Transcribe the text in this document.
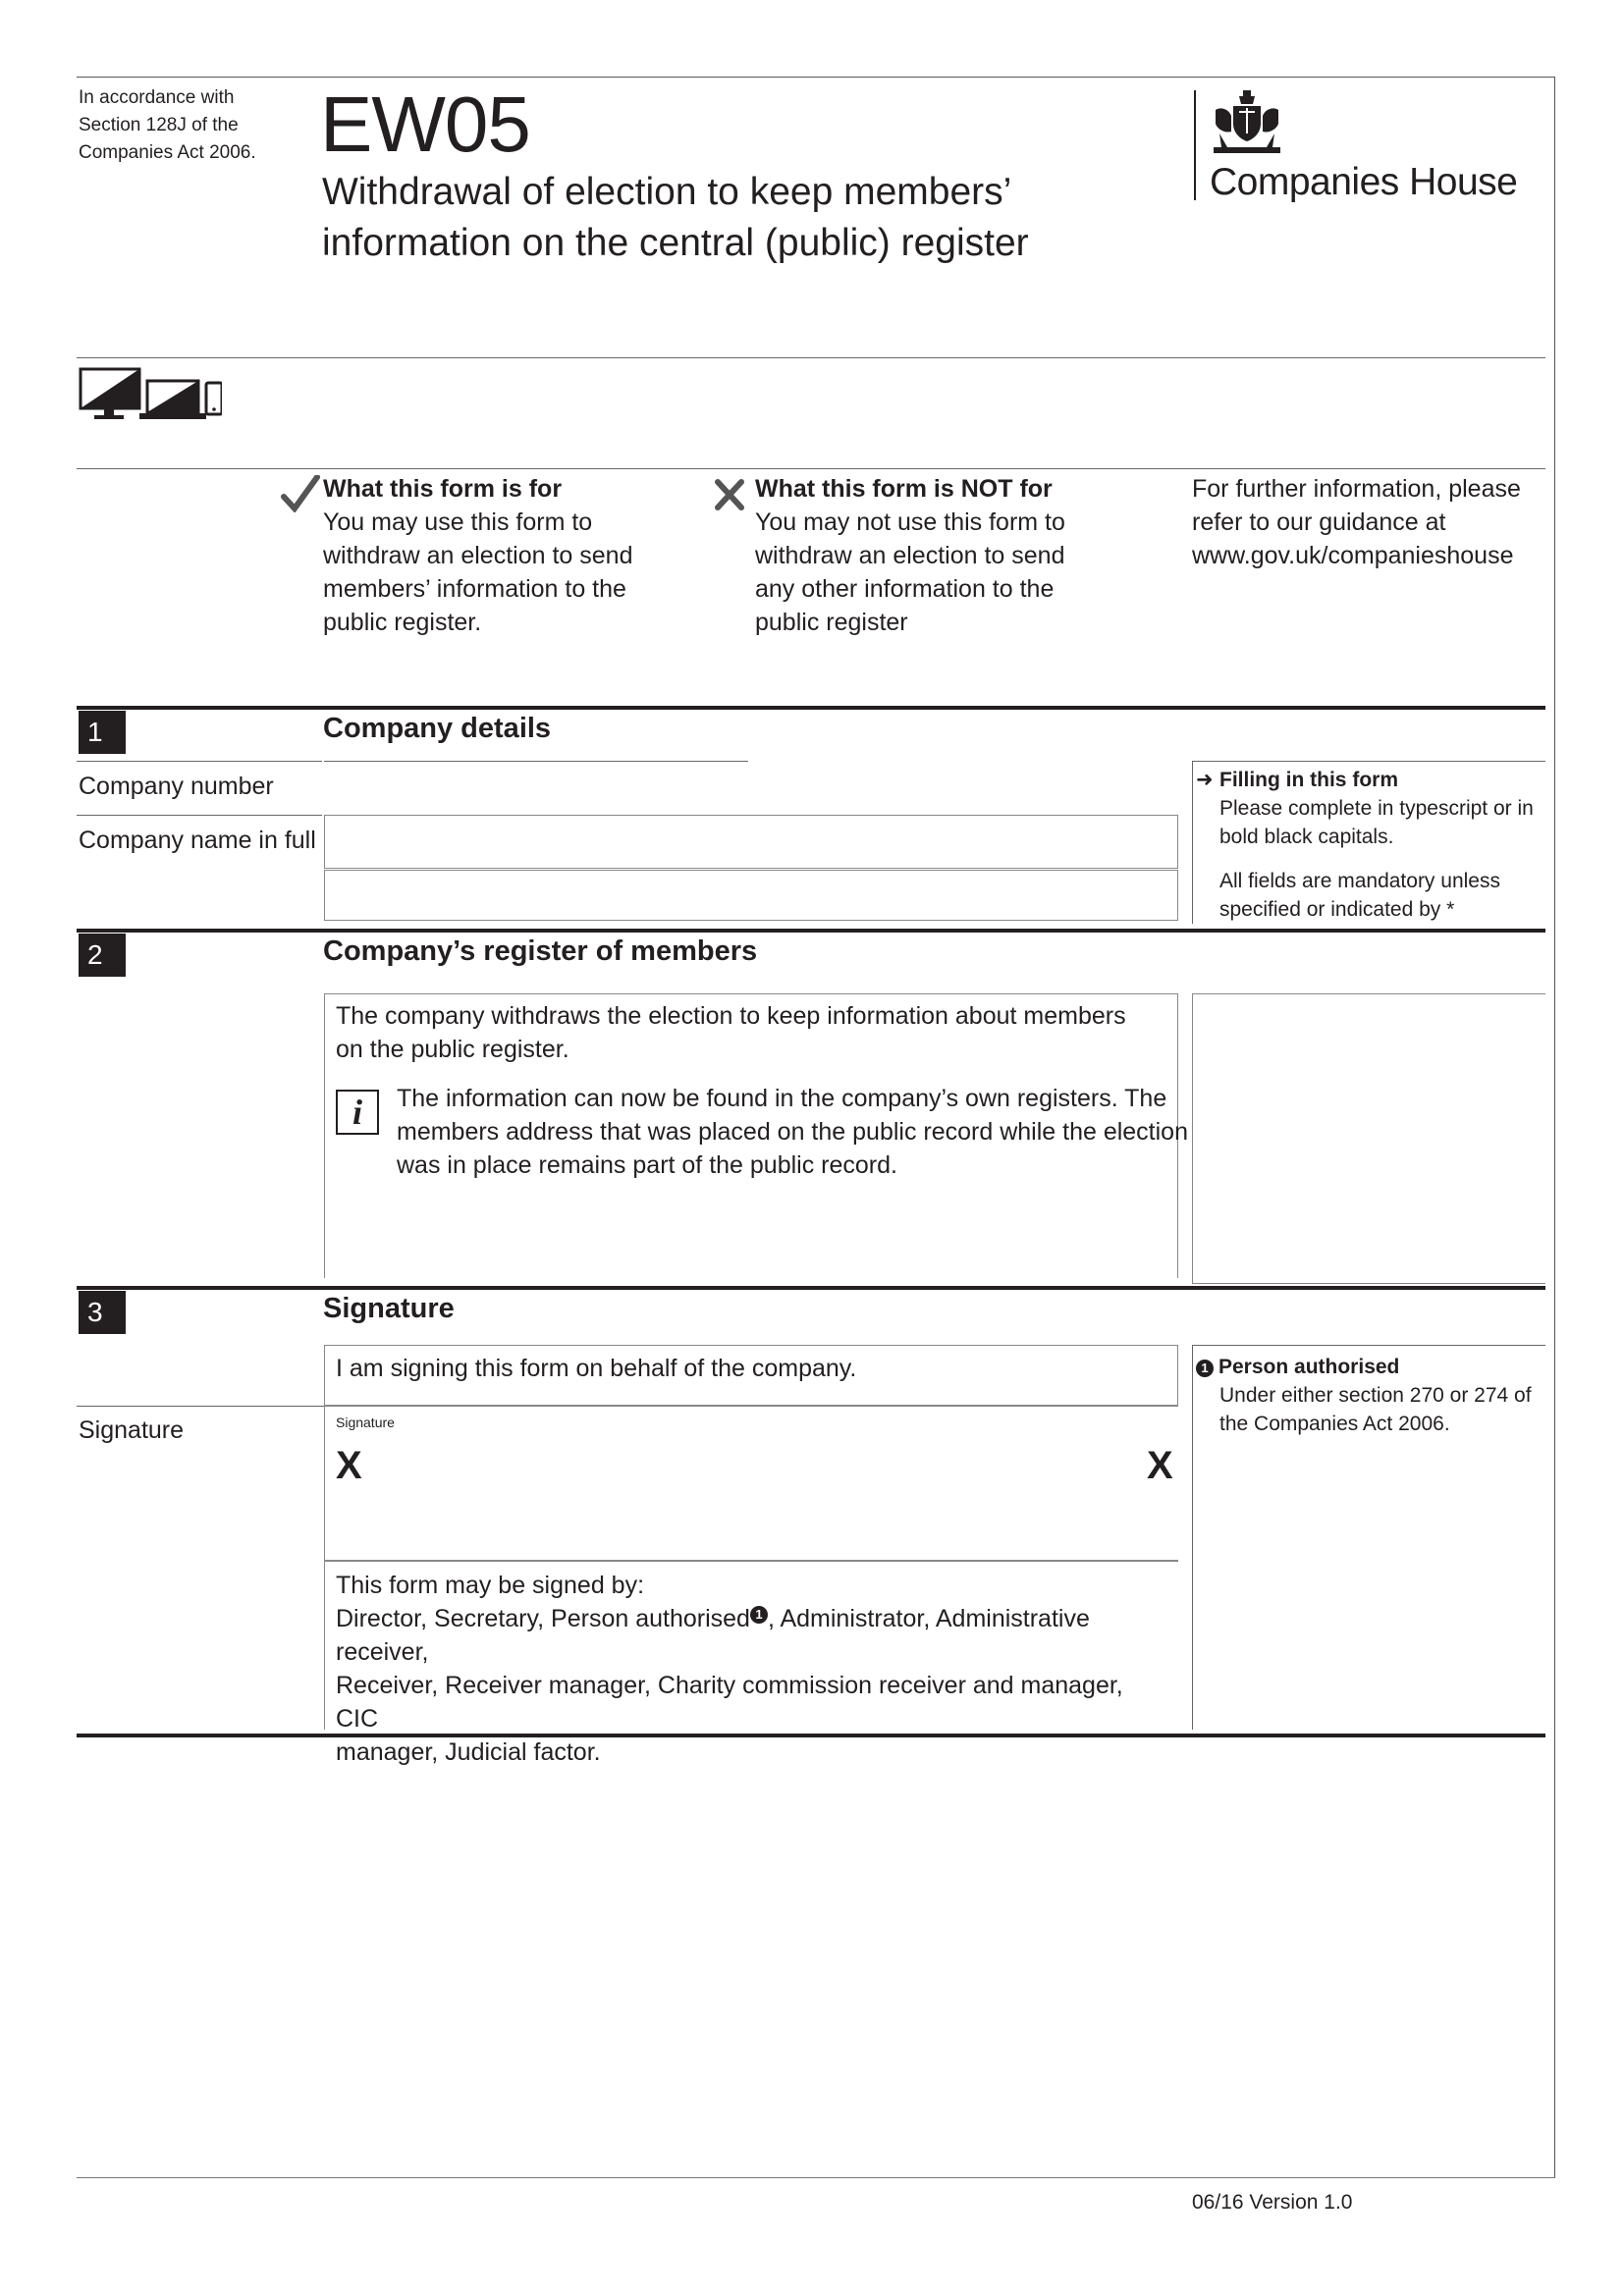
In accordance with
Section 128J of the
Companies Act 2006. EW05
Withdrawal of election to keep members’
information on the central (public) register
Companies House
What this form is for
You may use this form to
withdraw an election to send
members’ information to the
public register.
What this form is NOT for
You may not use this form to
withdraw an election to send
any other information to the
public register
For further information, please
refer to our guidance at
www.gov.uk/companieshouse
1	Company details
Company number
Company name in full
➜ Filling in this form
Please complete in typescript or in
bold black capitals.
All fields are mandatory unless
specified or indicated by *
2	Company’s register of members
The company withdraws the election to keep information about members
on the public register.
i	The information can now be found in the company’s own registers. The
members address that was placed on the public record while the election
was in place remains part of the public record.
3	Signature
I am signing this form on behalf of the company.
Signature	Signature
X	X
This form may be signed by:
Director, Secretary, Person authorised 1 , Administrator, Administrative receiver,
Receiver, Receiver manager, Charity commission receiver and manager, CIC
manager, Judicial factor.
1 Person authorised
Under either section 270 or 274 of
the Companies Act 2006.
06/16 Version 1.0
